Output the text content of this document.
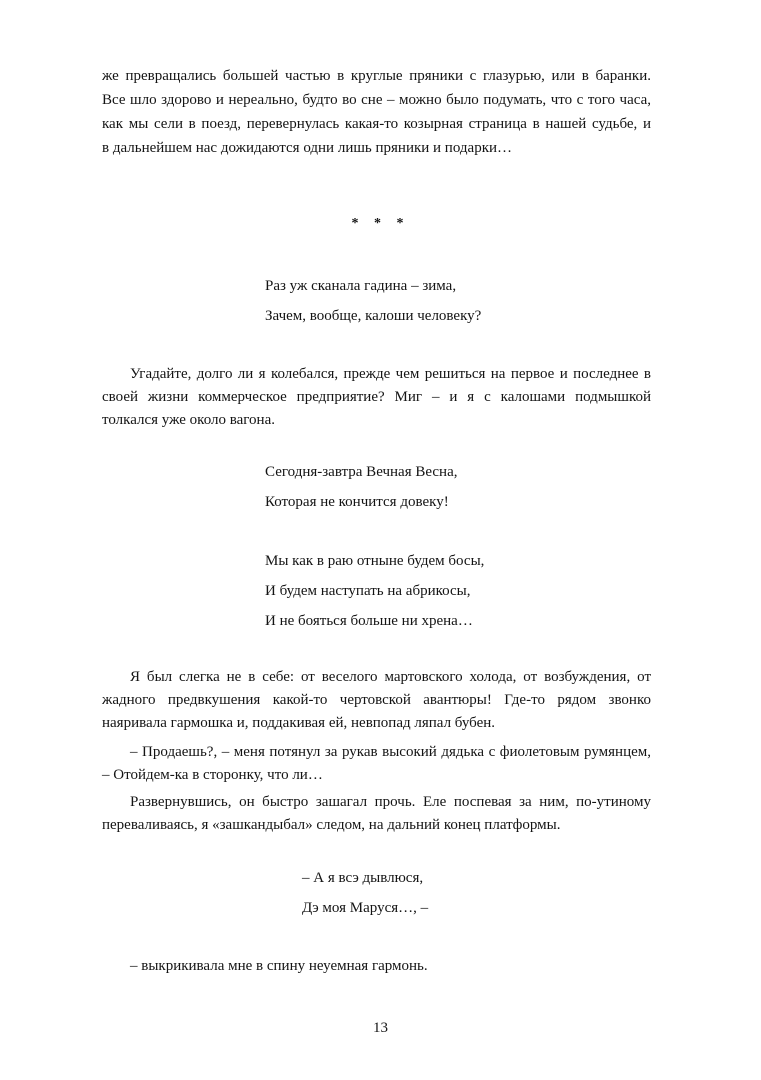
же превращались большей частью в круглые пряники с глазурью, или в баранки.
Все шло здорово и нереально, будто во сне – можно было подумать, что с того часа,
как мы сели в поезд, перевернулась какая-то козырная страница в нашей судьбе, и
в дальнейшем нас дожидаются одни лишь пряники и подарки…
* * *
Раз уж сканала гадина – зима,
Зачем, вообще, калоши человеку?
Угадайте, долго ли я колебался, прежде чем решиться на первое и последнее в
своей жизни коммерческое предприятие? Миг – и я с калошами подмышкой
толкался уже около вагона.
Сегодня-завтра Вечная Весна,
Которая не кончится довеку!
Мы как в раю отныне будем босы,
И будем наступать на абрикосы,
И не бояться больше ни хрена…
Я был слегка не в себе: от веселого мартовского холода, от возбуждения, от
жадного предвкушения какой-то чертовской авантюры! Где-то рядом звонко
наяривала гармошка и, поддакивая ей, невпопад ляпал бубен.
– Продаешь?, – меня потянул за рукав высокий дядька с фиолетовым румянцем,
– Отойдем-ка в сторонку, что ли…
Развернувшись, он быстро зашагал прочь. Еле поспевая за ним, по-утиному
переваливаясь, я «зашкандыбал» следом, на дальний конец платформы.
– А я всэ дывлюся,
Дэ моя Маруся…, –
– выкрикивала мне в спину неуемная гармонь.
13
